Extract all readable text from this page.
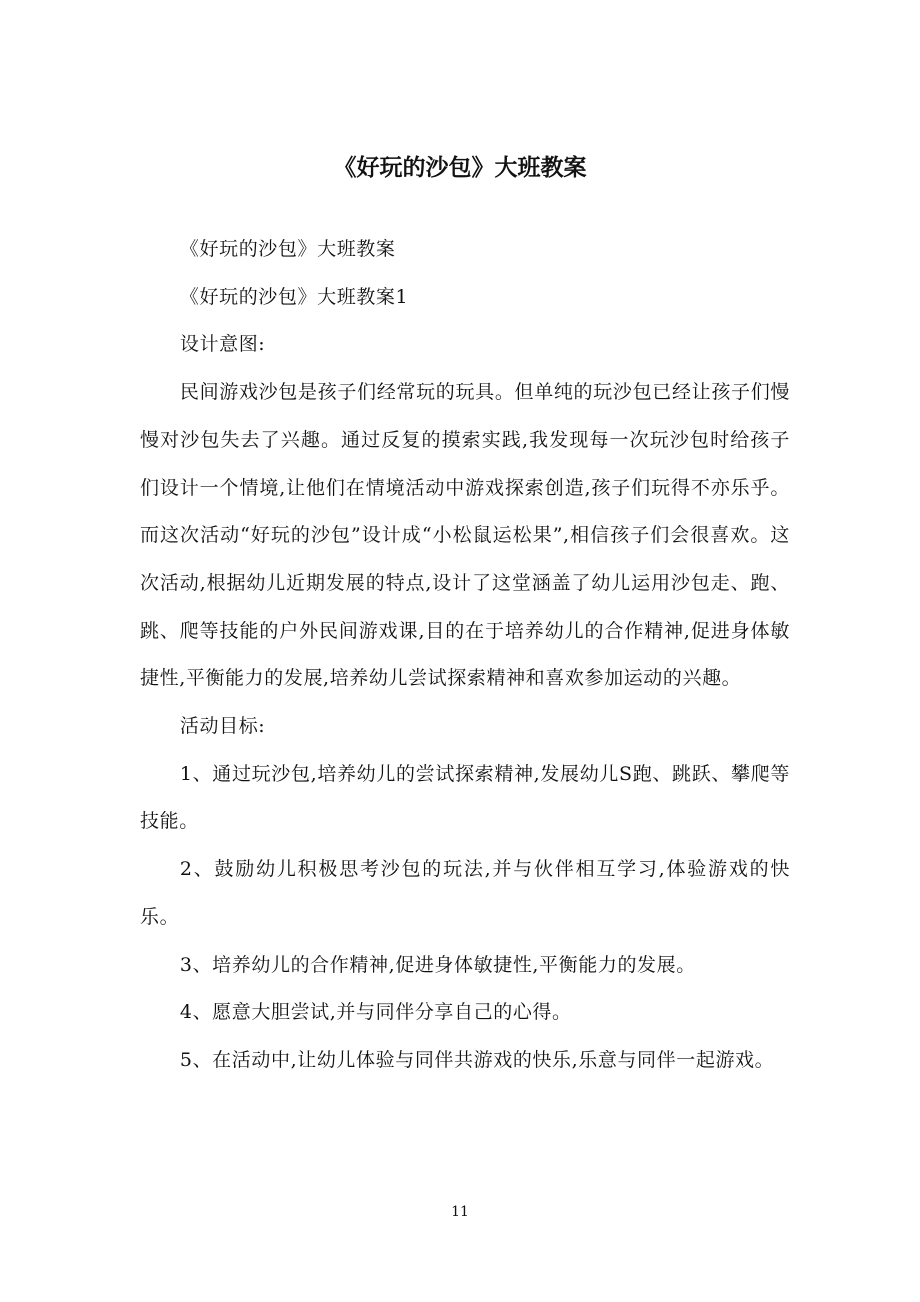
《好玩的沙包》大班教案

《好玩的沙包》大班教案

《好玩的沙包》大班教案1

设计意图:

民间游戏沙包是孩子们经常玩的玩具。但单纯的玩沙包已经让孩子们慢慢对沙包失去了兴趣。通过反复的摸索实践,我发现每一次玩沙包时给孩子们设计一个情境,让他们在情境活动中游戏探索创造,孩子们玩得不亦乐乎。而这次活动“好玩的沙包”设计成“小松鼠运松果”,相信孩子们会很喜欢。这次活动,根据幼儿近期发展的特点,设计了这堂涵盖了幼儿运用沙包走、跑、跳、爬等技能的户外民间游戏课,目的在于培养幼儿的合作精神,促进身体敏捷性,平衡能力的发展,培养幼儿尝试探索精神和喜欢参加运动的兴趣。

活动目标:

1、通过玩沙包,培养幼儿的尝试探索精神,发展幼儿S跑、跳跃、攀爬等技能。

2、鼓励幼儿积极思考沙包的玩法,并与伙伴相互学习,体验游戏的快乐。

3、培养幼儿的合作精神,促进身体敏捷性,平衡能力的发展。

4、愿意大胆尝试,并与同伴分享自己的心得。

5、在活动中,让幼儿体验与同伴共游戏的快乐,乐意与同伴一起游戏。

11
